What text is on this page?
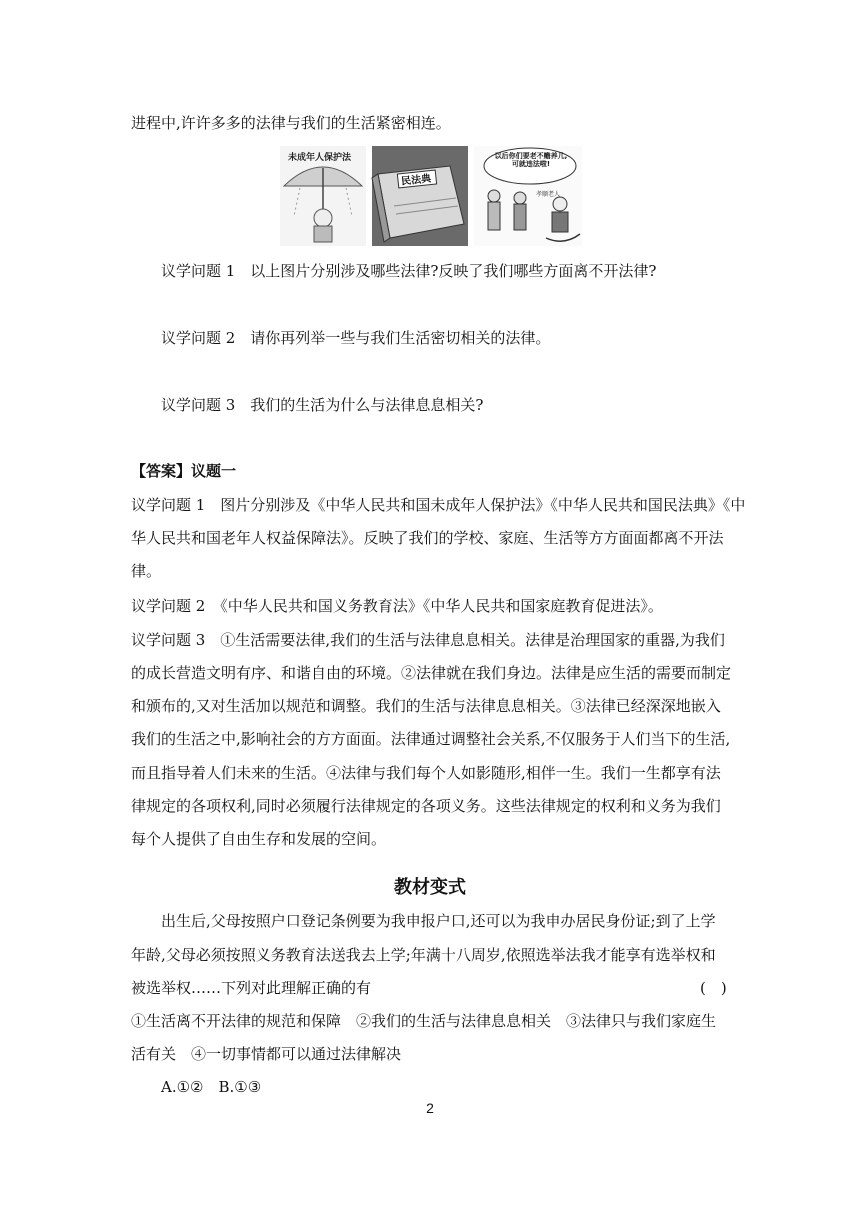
进程中,许许多多的法律与我们的生活紧密相连。
未成年人保护法
民法典
以后你们要老不赡养儿,可就违法啦!
孝顺老人
议学问题 1　以上图片分别涉及哪些法律?反映了我们哪些方面离不开法律?
议学问题 2　请你再列举一些与我们生活密切相关的法律。
议学问题 3　我们的生活为什么与法律息息相关?
【答案】议题一
议学问题 1　图片分别涉及《中华人民共和国未成年人保护法》《中华人民共和国民法典》《中
华人民共和国老年人权益保障法》。反映了我们的学校、家庭、生活等方方面面都离不开法
律。
议学问题 2　《中华人民共和国义务教育法》《中华人民共和国家庭教育促进法》。
议学问题 3　①生活需要法律,我们的生活与法律息息相关。法律是治理国家的重器,为我们
的成长营造文明有序、和谐自由的环境。②法律就在我们身边。法律是应生活的需要而制定
和颁布的,又对生活加以规范和调整。我们的生活与法律息息相关。③法律已经深深地嵌入
我们的生活之中,影响社会的方方面面。法律通过调整社会关系,不仅服务于人们当下的生活,
而且指导着人们未来的生活。④法律与我们每个人如影随形,相伴一生。我们一生都享有法
律规定的各项权利,同时必须履行法律规定的各项义务。这些法律规定的权利和义务为我们
每个人提供了自由生存和发展的空间。
教材变式
出生后,父母按照户口登记条例要为我申报户口,还可以为我申办居民身份证;到了上学
年龄,父母必须按照义务教育法送我去上学;年满十八周岁,依照选举法我才能享有选举权和
被选举权……下列对此理解正确的有	(　)
①生活离不开法律的规范和保障　②我们的生活与法律息息相关　③法律只与我们家庭生
活有关　④一切事情都可以通过法律解决
A.①②　B.①③
2
